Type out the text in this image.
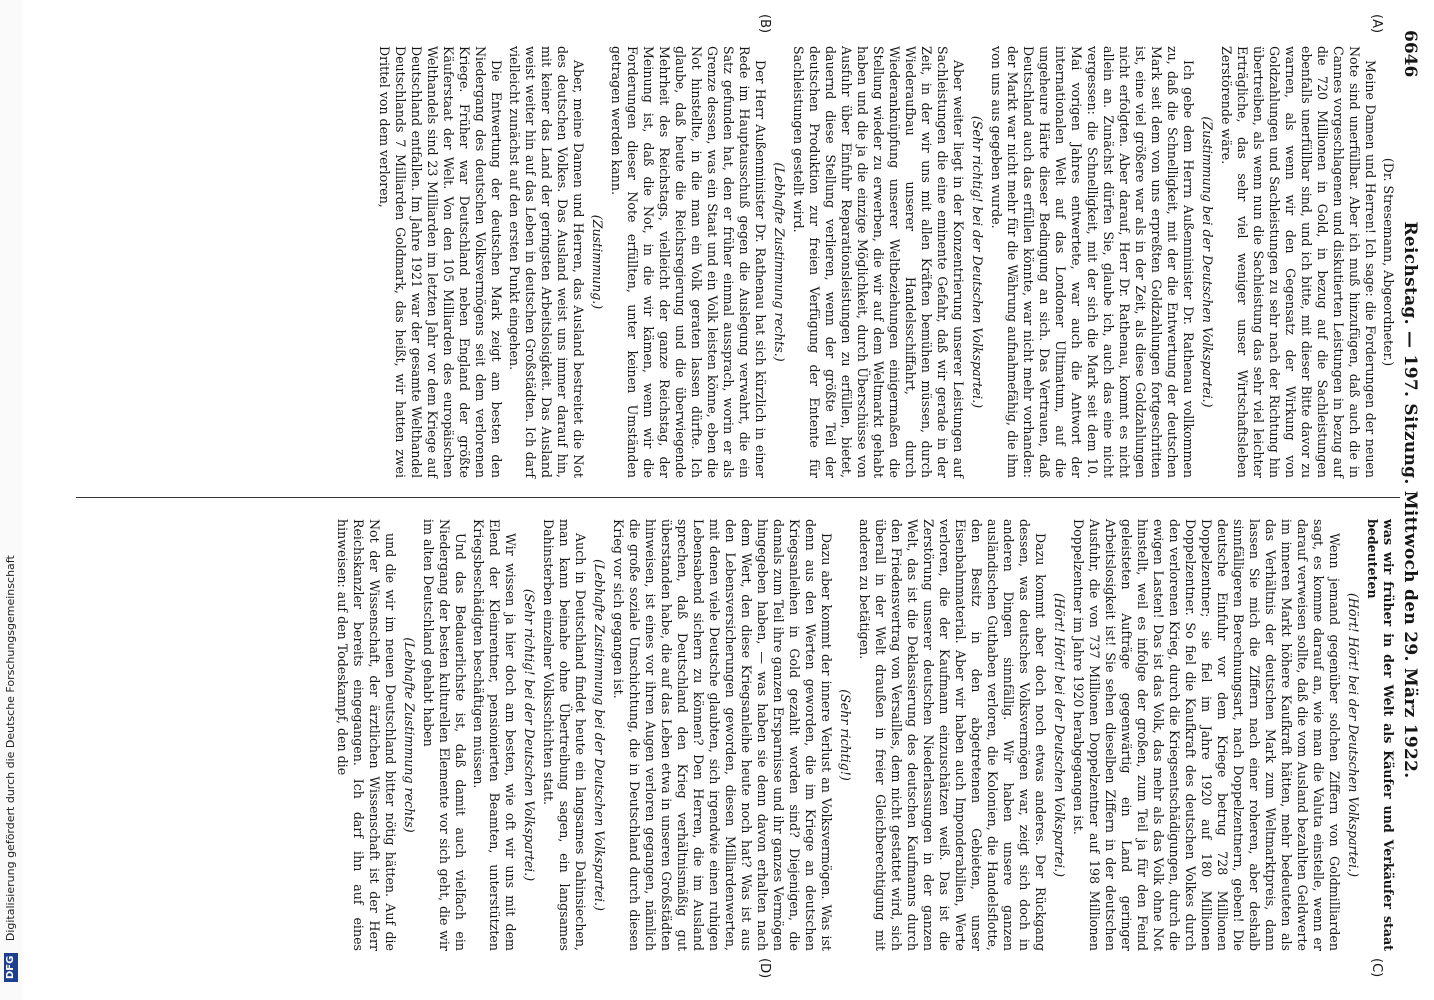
DFG Digitalisierung gefördert durch die Deutsche Forschungsgemeinschaft
6646
Reichstag. — 197. Sitzung. Mittwoch den 29. März 1922.
(A)
(B)
(C)
(D)

(Dr. Stresemann, Abgeordneter.)

Meine Damen und Herren! Ich sage: die Forderungen der neuen Note sind unerfüllbar. Aber ich muß hinzufügen, daß auch die in Cannes vorgeschlagenen und diskutierten Leistungen in bezug auf die 720 Millionen in Gold, in bezug auf die Sachleistungen ebenfalls unerfüllbar sind, und ich bitte, mit dieser Bitte davor zu warnen, als wenn wir den Gegensatz der Wirkung von Goldzahlungen und Sachleistungen zu sehr nach der Richtung hin übertreiben, als wenn nun die Sachleistung das sehr viel leichter Erträgliche, das sehr viel weniger unser Wirtschaftsleben Zerstörende wäre.

(Zustimmung bei der Deutschen Volkspartei.)

Ich gebe dem Herrn Außenminister Dr. Rathenau vollkommen zu, daß die Schnelligkeit, mit der die Entwertung der deutschen Mark seit dem von uns erpreßten Goldzahlungen fortgeschritten ist, eine viel größere war als in der Zeit, als diese Goldzahlungen nicht erfolgten. Aber darauf, Herr Dr. Rathenau, kommt es nicht allein an. Zunächst dürfen Sie, glaube ich, auch das eine nicht vergessen: die Schnelligkeit, mit der sich die Mark seit dem 10. Mai vorigen Jahres entwertete, war auch die Antwort der internationalen Welt auf das Londoner Ultimatum, auf die ungeheure Härte dieser Bedingung an sich. Das Vertrauen, daß Deutschland auch das erfüllen könnte, war nicht mehr vorhanden: der Markt war nicht mehr für die Währung aufnahmefähig, die ihm von uns aus gegeben wurde.

(Sehr richtig! bei der Deutschen Volkspartei.)

Aber weiter liegt in der Konzentrierung unserer Leistungen auf Sachleistungen die eine eminente Gefahr, daß wir gerade in der Zeit, in der wir uns mit allen Kräften bemühen müssen, durch Wiederaufbau unserer Handelsschiffahrt, durch Wiederanknüpfung unserer Weltbeziehungen einigermaßen die Stellung wieder zu erwerben, die wir auf dem Weltmarkt gehabt haben und die ja die einzige Möglichkeit, durch Überschüsse von Ausfuhr über Einfuhr Reparationsleistungen zu erfüllen, bietet, dauernd diese Stellung verlieren, wenn der größte Teil der deutschen Produktion zur freien Verfügung der Entente für Sachleistungen gestellt wird.

(Lebhafte Zustimmung rechts.)

Der Herr Außenminister Dr. Rathenau hat sich kürzlich in einer Rede im Hauptausschuß gegen die Auslegung verwahrt, die ein Satz gefunden hat, den er früher einmal aussprach, worin er als Grenze dessen, was ein Staat und ein Volk leisten könne, eben die Not hinstellte, in die man ein Volk geraten lassen dürfte. Ich glaube, daß heute die Reichsregierung und die überwiegende Mehrheit des Reichstags, vielleicht der ganze Reichstag, der Meinung ist, daß die Not, in die wir kämen, wenn wir die Forderungen dieser Note erfüllten, unter keinen Umständen getragen werden kann.

(Zustimmung.)

Aber, meine Damen und Herren, das Ausland bestreitet die Not des deutschen Volkes. Das Ausland weist uns immer darauf hin, mit keiner das Land der geringsten Arbeitslosigkeit. Das Ausland weist weiter hin auf das Leben in deutschen Großstädten. Ich darf vielleicht zunächst auf den ersten Punkt eingehen.

Die Entwertung der deutschen Mark zeigt am besten den Niedergang des deutschen Volksvermögens seit dem verlorenen Kriege. Früher war Deutschland neben England der größte Käuferstaat der Welt. Von den 105 Milliarden des europäischen Welthandels sind 23 Milliarden im letzten Jahr vor dem Kriege auf Deutschland entfallen. Im Jahre 1921 war der gesamte Welthandel Deutschlands 7 Milliarden Goldmark, das heißt, wir hatten zwei Drittel von dem verloren,

was wir früher in der Welt als Käufer und Verkäufer staat bedeuteten

(Hört! Hört! bei der Deutschen Volkspartei.)

Wenn jemand gegenüber solchen Ziffern von Goldmilliarden sagt, es komme darauf an, wie man die Valuta einstelle, wenn er darauf verweisen sollte, daß die vom Ausland bezahlten Geldwerte im inneren Markt höhere Kaufkraft hätten, mehr bedeuteten als das Verhältnis der deutschen Mark zum Weltmarktpreis, dann lassen Sie mich die Ziffern nach einer roheren, aber deshalb sinnfälligeren Berechnungsart, nach Doppelzentnern, geben! Die deutsche Einfuhr vor dem Kriege betrug 728 Millionen Doppelzentner; sie fiel im Jahre 1920 auf 180 Millionen Doppelzentner. So fiel die Kaufkraft des deutschen Volkes durch den verlorenen Krieg, durch die Kriegsentschädigungen, durch die ewigen Lasten! Das ist das Volk, das mehr als das Volk ohne Not hinstellt, weil es infolge der großen, zum Teil ja für den Feind geleisteten Aufträge gegenwärtig ein Land geringer Arbeitslosigkeit ist! Sie sehen dieselben Ziffern in der deutschen Ausfuhr, die von 737 Millionen Doppelzentner auf 198 Millionen Doppelzentner im Jahre 1920 herabgegangen ist.

(Hört! Hört! bei der Deutschen Volkspartei.)

Dazu kommt aber doch noch etwas anderes. Der Rückgang dessen, was deutsches Volksvermögen war, zeigt sich doch in anderen Dingen sinnfällig. Wir haben unsere ganzen ausländischen Guthaben verloren, die Kolonien, die Handelsflotte, den Besitz in den abgetretenen Gebieten, unser Eisenbahnmaterial. Aber wir haben auch Imponderabilien, Werte verloren, die der Kaufmann einzuschätzen weiß. Das ist die Zerstörung unserer deutschen Niederlassungen in der ganzen Welt, das ist die Deklassierung des deutschen Kaufmanns durch den Friedensvertrag von Versailles, dem nicht gestattet wird, sich überall in der Welt draußen in freier Gleichberechtigung mit anderen zu betätigen.

(Sehr richtig!)

Dazu aber kommt der innere Verlust an Volksvermögen. Was ist denn aus den Werten geworden, die im Kriege an deutschen Kriegsanleihen in Gold gezahlt worden sind? Diejenigen, die damals zum Teil ihre ganzen Ersparnisse und ihr ganzes Vermögen hingegeben haben, — was haben sie denn davon erhalten nach dem Wert, den diese Kriegsanleihe heute noch hat? Was ist aus den Lebensversicherungen geworden, diesen Milliardenwerten, mit denen viele Deutsche glaubten, sich irgendwie einen ruhigen Lebensabend sichern zu können? Den Herren, die im Ausland sprechen, daß Deutschland den Krieg verhältnismäßig gut überstanden habe, die auf das Leben etwa in unseren Großstädten hinweisen, ist eines vor ihren Augen verloren gegangen, nämlich die große soziale Umschichtung, die in Deutschland durch diesen Krieg vor sich gegangen ist.

(Lebhafte Zustimmung bei der Deutschen Volkspartei.)

Auch in Deutschland findet heute ein langsames Dahinsiechen, man kann beinahe ohne Übertreibung sagen, ein langsames Dahinsterben einzelner Volksschichten statt.

(Sehr richtig! bei der Deutschen Volkspartei.)

Wir wissen ja hier doch am besten, wie oft wir uns mit dem Elend der Kleinrentner, pensionierten Beamten, unterstützten Kriegsbeschädigten beschäftigen müssen.

Und das Bedauerlichste ist, daß damit auch vielfach ein Niedergang der besten kulturellen Elemente vor sich geht, die wir im alten Deutschland gehabt haben

(Lebhafte Zustimmung rechts)

und die wir im neuen Deutschland bitter nötig hätten. Auf die Not der Wissenschaft, der ärztlichen Wissenschaft ist der Herr Reichskanzler bereits eingegangen. Ich darf ihn auf eines hinweisen: auf den Todeskampf, den die
